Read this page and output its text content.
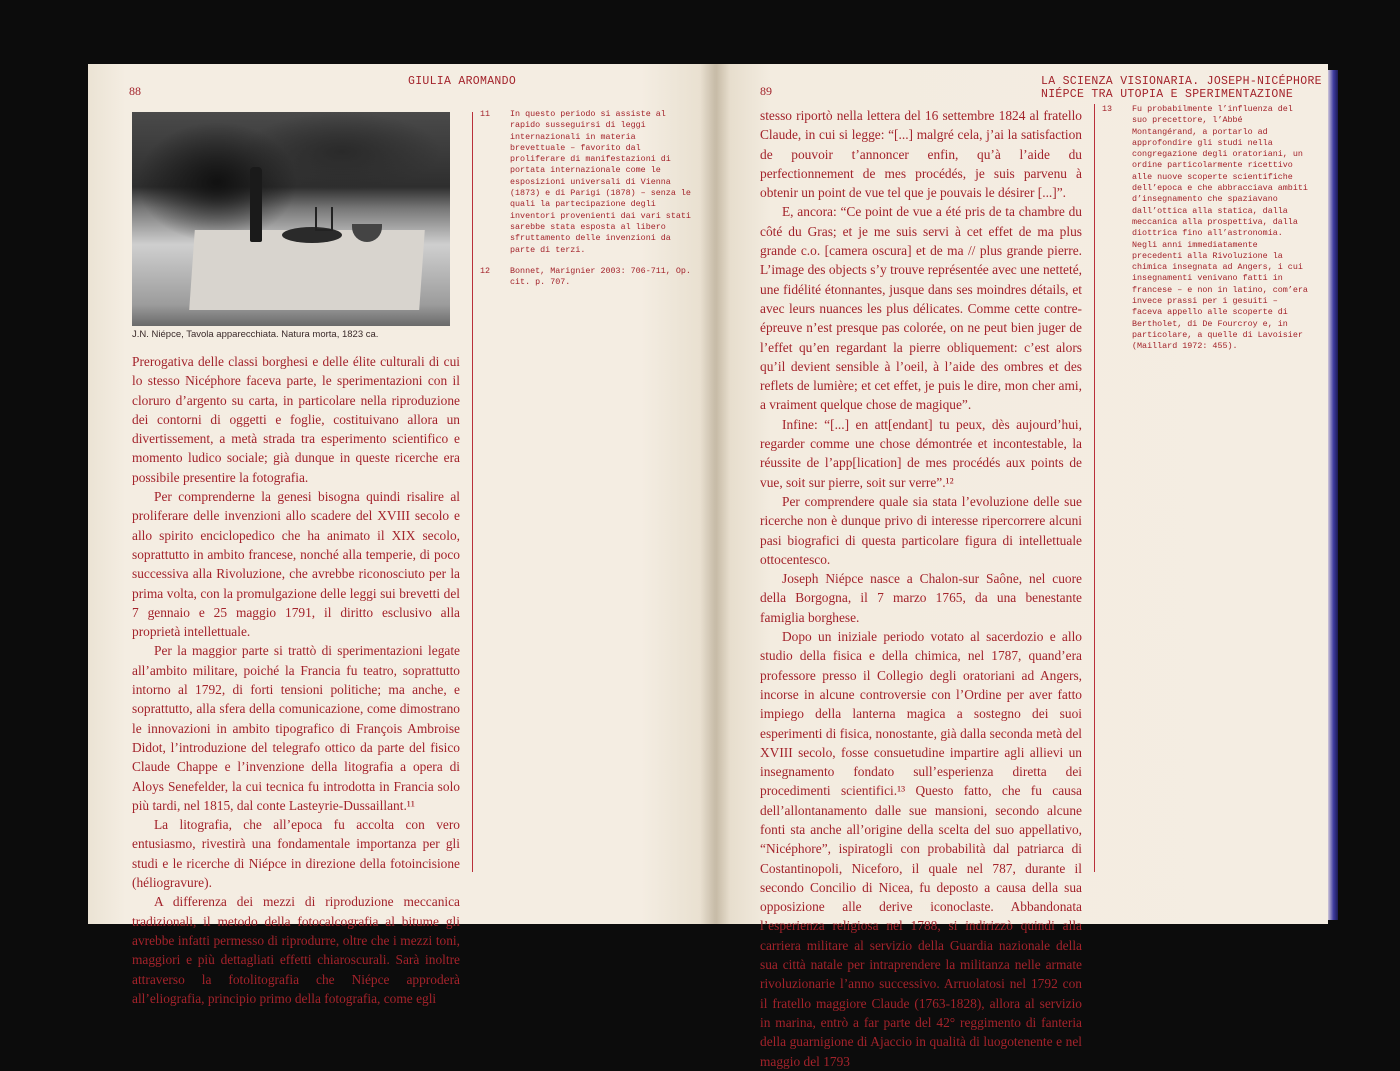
88
GIULIA AROMANDO
J.N. Niépce, Tavola apparecchiata. Natura morta, 1823 ca.
11	In questo periodo si assiste al rapido susseguirsi di leggi internazionali in materia brevettuale – favorito dal proliferare di manifestazioni di portata internazionale come le esposizioni universali di Vienna (1873) e di Parigi (1878) – senza le quali la partecipazione degli inventori provenienti dai vari stati sarebbe stata esposta al libero sfruttamento delle invenzioni da parte di terzi.
12	Bonnet, Marignier 2003: 706-711, Op. cit. p. 707.

Prerogativa delle classi borghesi e delle élite culturali di cui lo stesso Nicéphore faceva parte, le sperimentazioni con il cloruro d’argento su carta, in particolare nella riproduzione dei contorni di oggetti e foglie, costituivano allora un divertissement, a metà strada tra esperimento scientifico e momento ludico sociale; già dunque in queste ricerche era possibile presentire la fotografia.

Per comprenderne la genesi bisogna quindi risalire al proliferare delle invenzioni allo scadere del XVIII secolo e allo spirito enciclopedico che ha animato il XIX secolo, soprattutto in ambito francese, nonché alla temperie, di poco successiva alla Rivoluzione, che avrebbe riconosciuto per la prima volta, con la promulgazione delle leggi sui brevetti del 7 gennaio e 25 maggio 1791, il diritto esclusivo alla proprietà intellettuale.

Per la maggior parte si trattò di sperimentazioni legate all’ambito militare, poiché la Francia fu teatro, soprattutto intorno al 1792, di forti tensioni politiche; ma anche, e soprattutto, alla sfera della comunicazione, come dimostrano le innovazioni in ambito tipografico di François Ambroise Didot, l’introduzione del telegrafo ottico da parte del fisico Claude Chappe e l’invenzione della litografia a opera di Aloys Senefelder, la cui tecnica fu introdotta in Francia solo più tardi, nel 1815, dal conte Lasteyrie-Dussaillant.¹¹

La litografia, che all’epoca fu accolta con vero entusiasmo, rivestirà una fondamentale importanza per gli studi e le ricerche di Niépce in direzione della fotoincisione (héliogravure).

A differenza dei mezzi di riproduzione meccanica tradizionali, il metodo della fotocalcografia al bitume gli avrebbe infatti permesso di riprodurre, oltre che i mezzi toni, maggiori e più dettagliati effetti chiaroscurali. Sarà inoltre attraverso la fotolitografia che Niépce approderà all’eliografia, principio primo della fotografia, come egli

89
LA SCIENZA VISIONARIA. JOSEPH-NICÉPHORE
NIÉPCE TRA UTOPIA E SPERIMENTAZIONE

stesso riportò nella lettera del 16 settembre 1824 al fratello Claude, in cui si legge: “[...] malgré cela, j’ai la satisfaction de pouvoir t’annoncer enfin, qu’à l’aide du perfectionnement de mes procédés, je suis parvenu à obtenir un point de vue tel que je pouvais le désirer [...]”.

E, ancora: “Ce point de vue a été pris de ta chambre du côté du Gras; et je me suis servi à cet effet de ma plus grande c.o. [camera oscura] et de ma // plus grande pierre. L’image des objects s’y trouve représentée avec une netteté, une fidélité étonnantes, jusque dans ses moindres détails, et avec leurs nuances les plus délicates. Comme cette contre-épreuve n’est presque pas colorée, on ne peut bien juger de l’effet qu’en regardant la pierre obliquement: c’est alors qu’il devient sensible à l’oeil, à l’aide des ombres et des reflets de lumière; et cet effet, je puis le dire, mon cher ami, a vraiment quelque chose de magique”.

Infine: “[...] en att[endant] tu peux, dès aujourd’hui, regarder comme une chose démontrée et incontestable, la réussite de l’app[lication] de mes procédés aux points de vue, soit sur pierre, soit sur verre”.¹²

Per comprendere quale sia stata l’evoluzione delle sue ricerche non è dunque privo di interesse ripercorrere alcuni pasi biografici di questa particolare figura di intellettuale ottocentesco.

Joseph Niépce nasce a Chalon-sur Saône, nel cuore della Borgogna, il 7 marzo 1765, da una benestante famiglia borghese.

Dopo un iniziale periodo votato al sacerdozio e allo studio della fisica e della chimica, nel 1787, quand’era professore presso il Collegio degli oratoriani ad Angers, incorse in alcune controversie con l’Ordine per aver fatto impiego della lanterna magica a sostegno dei suoi esperimenti di fisica, nonostante, già dalla seconda metà del XVIII secolo, fosse consuetudine impartire agli allievi un insegnamento fondato sull’esperienza diretta dei procedimenti scientifici.¹³ Questo fatto, che fu causa dell’allontanamento dalle sue mansioni, secondo alcune fonti sta anche all’origine della scelta del suo appellativo, “Nicéphore”, ispiratogli con probabilità dal patriarca di Costantinopoli, Niceforo, il quale nel 787, durante il secondo Concilio di Nicea, fu deposto a causa della sua opposizione alle derive iconoclaste. Abbandonata l’esperienza religiosa nel 1788, si indirizzò quindi alla carriera militare al servizio della Guardia nazionale della sua città natale per intraprendere la militanza nelle armate rivoluzionarie l’anno successivo. Arruolatosi nel 1792 con il fratello maggiore Claude (1763-1828), allora al servizio in marina, entrò a far parte del 42° reggimento di fanteria della guarnigione di Ajaccio in qualità di luogotenente e nel maggio del 1793

13	Fu probabilmente l’influenza del suo precettore, l’Abbé Montangérand, a portarlo ad approfondire gli studi nella congregazione degli oratoriani, un ordine particolarmente ricettivo alle nuove scoperte scientifiche dell’epoca e che abbracciava ambiti d’insegnamento che spaziavano dall’ottica alla statica, dalla meccanica alla prospettiva, dalla diottrica fino all’astronomia. Negli anni immediatamente precedenti alla Rivoluzione la chimica insegnata ad Angers, i cui insegnamenti venivano fatti in francese – e non in latino, com’era invece prassi per i gesuiti – faceva appello alle scoperte di Bertholet, di De Fourcroy e, in particolare, a quelle di Lavoisier (Maillard 1972: 455).
